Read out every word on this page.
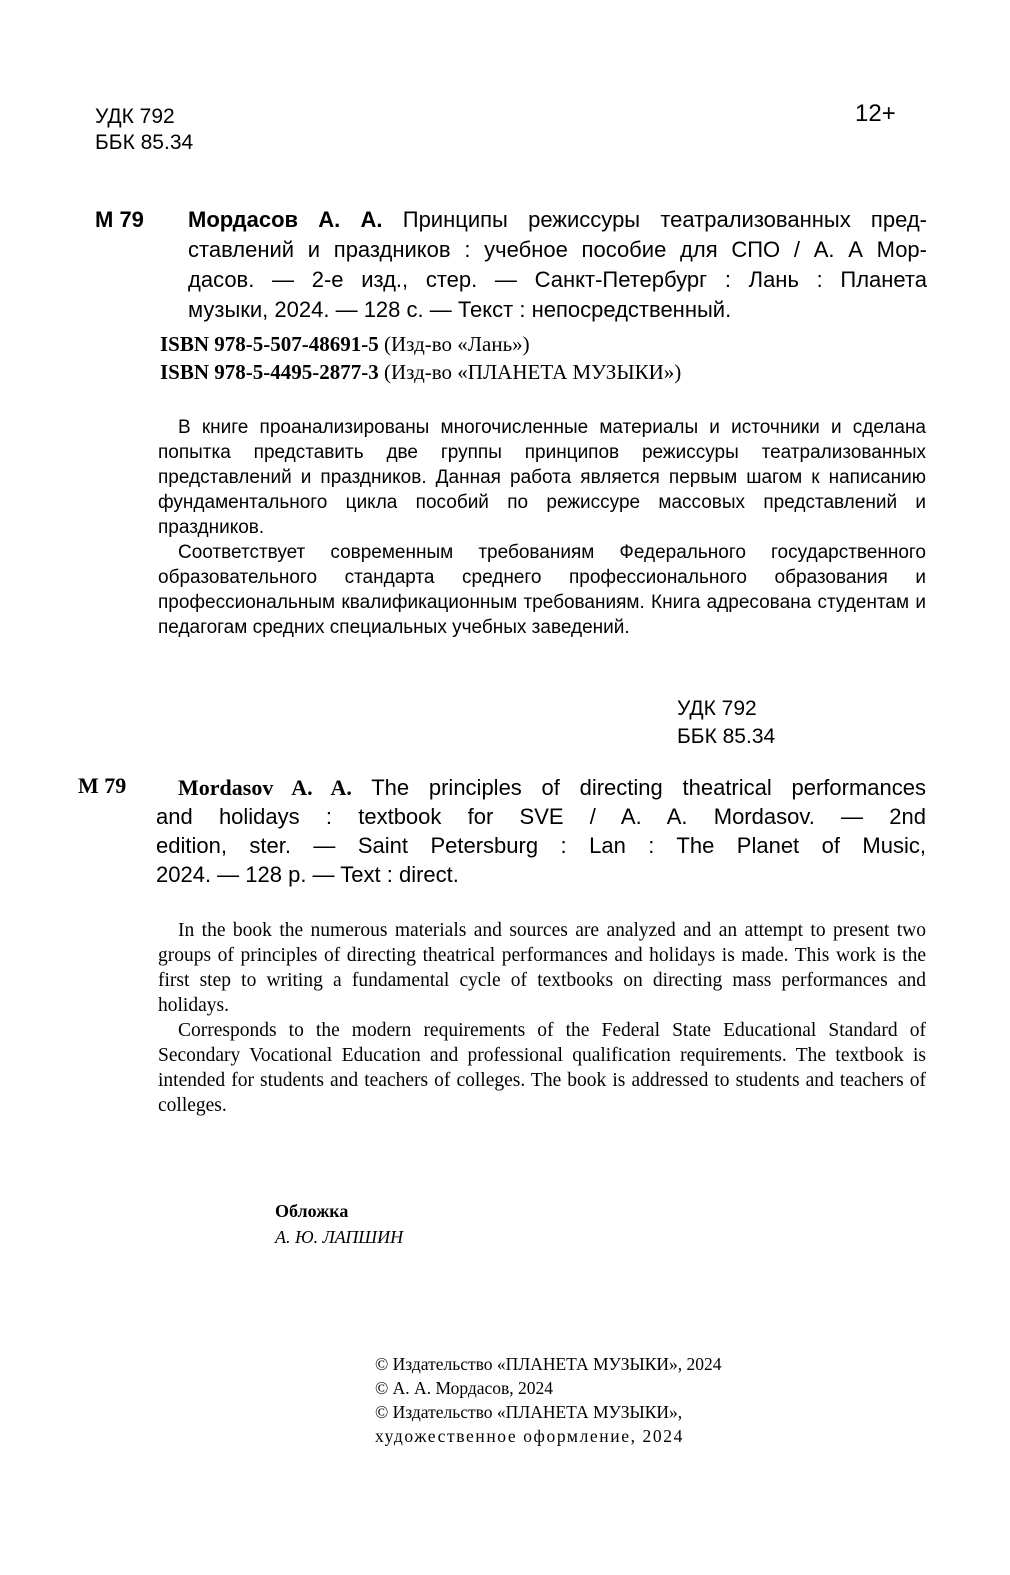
УДК 792
ББК 85.34
12+
М 79 Мордасов А. А. Принципы режиссуры театрализованных пред-
ставлений и праздников : учебное пособие для СПО / А. А Мор-
дасов. — 2-е изд., стер. — Санкт-Петербург : Лань : Планета
музыки, 2024. — 128 с. — Текст : непосредственный.
ISBN 978-5-507-48691-5 (Изд-во «Лань»)
ISBN 978-5-4495-2877-3 (Изд-во «ПЛАНЕТА МУЗЫКИ»)

В книге проанализированы многочисленные материалы и источники и сделана попытка представить две группы принципов режиссуры театрализованных представлений и праздников. Данная работа является первым шагом к написанию фундаментального цикла пособий по режиссуре массовых представлений и праздников.

Соответствует современным требованиям Федерального государственного образовательного стандарта среднего профессионального образования и профессиональным квалификационным требованиям. Книга адресована студентам и педагогам средних специальных учебных заведений.

УДК 792
ББК 85.34
M 79 Mordasov A. A. The principles of directing theatrical performances
and holidays : textbook for SVE / A. A. Mordasov. — 2nd
edition, ster. — Saint Petersburg : Lan : The Planet of Music,
2024. — 128 p. — Text : direct.

In the book the numerous materials and sources are analyzed and an attempt to present two groups of principles of directing theatrical performances and holidays is made. This work is the first step to writing a fundamental cycle of textbooks on directing mass performances and holidays.

Corresponds to the modern requirements of the Federal State Educational Standard of Secondary Vocational Education and professional qualification requirements. The textbook is intended for students and teachers of colleges. The book is addressed to students and teachers of colleges.

Обложка
А. Ю. ЛАПШИН
© Издательство «ПЛАНЕТА МУЗЫКИ», 2024
© А. А. Мордасов, 2024
© Издательство «ПЛАНЕТА МУЗЫКИ»,
художественное оформление, 2024
